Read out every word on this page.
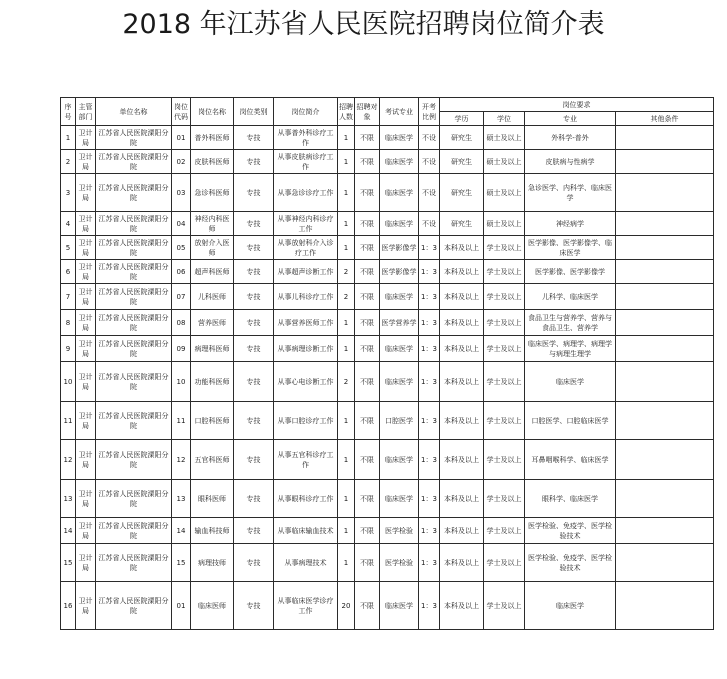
2018 年江苏省人民医院招聘岗位简介表
序号	主管部门	单位名称	岗位代码	岗位名称	岗位类别	岗位简介	招聘人数	招聘对象	考试专业	开考比例	岗位要求			
											学历	学位	专业	其他条件
1	卫计局	江苏省人民医院溧阳分院	01	普外科医师	专技	从事普外科诊疗工作	1	不限	临床医学	不设	研究生	硕士及以上	外科学-普外	
2	卫计局	江苏省人民医院溧阳分院	02	皮肤科医师	专技	从事皮肤病诊疗工作	1	不限	临床医学	不设	研究生	硕士及以上	皮肤病与性病学	
3	卫计局	江苏省人民医院溧阳分院	03	急诊科医师	专技	从事急诊诊疗工作	1	不限	临床医学	不设	研究生	硕士及以上	急诊医学、内科学、临床医学	
4	卫计局	江苏省人民医院溧阳分院	04	神经内科医师	专技	从事神经内科诊疗工作	1	不限	临床医学	不设	研究生	硕士及以上	神经病学	
5	卫计局	江苏省人民医院溧阳分院	05	放射介入医师	专技	从事放射科介入诊疗工作	1	不限	医学影像学	1：3	本科及以上	学士及以上	医学影像、医学影像学、临床医学	
6	卫计局	江苏省人民医院溧阳分院	06	超声科医师	专技	从事超声诊断工作	2	不限	医学影像学	1：3	本科及以上	学士及以上	医学影像、医学影像学	
7	卫计局	江苏省人民医院溧阳分院	07	儿科医师	专技	从事儿科诊疗工作	2	不限	临床医学	1：3	本科及以上	学士及以上	儿科学、临床医学	
8	卫计局	江苏省人民医院溧阳分院	08	营养医师	专技	从事营养医师工作	1	不限	医学营养学	1：3	本科及以上	学士及以上	食品卫生与营养学、营养与食品卫生、营养学	
9	卫计局	江苏省人民医院溧阳分院	09	病理科医师	专技	从事病理诊断工作	1	不限	临床医学	1：3	本科及以上	学士及以上	临床医学、病理学、病理学与病理生理学	
10	卫计局	江苏省人民医院溧阳分院	10	功能科医师	专技	从事心电诊断工作	2	不限	临床医学	1：3	本科及以上	学士及以上	临床医学	
11	卫计局	江苏省人民医院溧阳分院	11	口腔科医师	专技	从事口腔诊疗工作	1	不限	口腔医学	1：3	本科及以上	学士及以上	口腔医学、口腔临床医学	
12	卫计局	江苏省人民医院溧阳分院	12	五官科医师	专技	从事五官科诊疗工作	1	不限	临床医学	1：3	本科及以上	学士及以上	耳鼻咽喉科学、临床医学	
13	卫计局	江苏省人民医院溧阳分院	13	眼科医师	专技	从事眼科诊疗工作	1	不限	临床医学	1：3	本科及以上	学士及以上	眼科学、临床医学	
14	卫计局	江苏省人民医院溧阳分院	14	输血科技师	专技	从事临床输血技术	1	不限	医学检验	1：3	本科及以上	学士及以上	医学检验、免疫学、医学检验技术	
15	卫计局	江苏省人民医院溧阳分院	15	病理技师	专技	从事病理技术	1	不限	医学检验	1：3	本科及以上	学士及以上	医学检验、免疫学、医学检验技术	
16	卫计局	江苏省人民医院溧阳分院	01	临床医师	专技	从事临床医学诊疗工作	20	不限	临床医学	1：3	本科及以上	学士及以上	临床医学	
